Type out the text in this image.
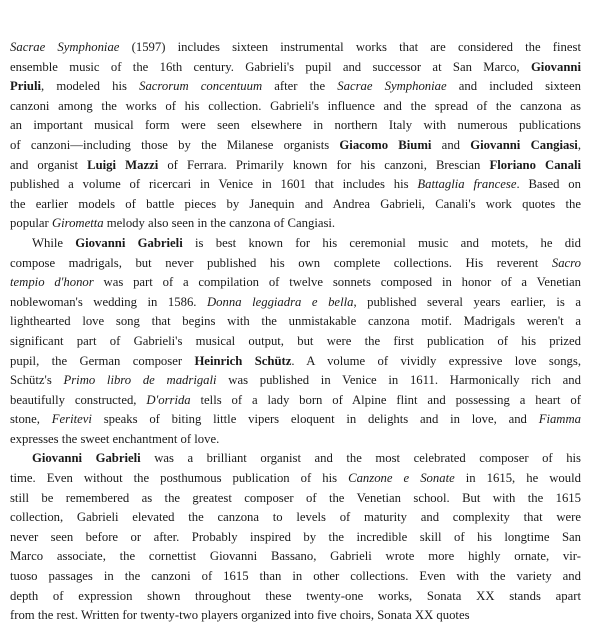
Sacrae Symphoniae (1597) includes sixteen instrumental works that are considered the finest
ensemble music of the 16th century. Gabrieli's pupil and successor at San Marco, Giovanni
Priuli, modeled his Sacrorum concentuum after the Sacrae Symphoniae and included sixteen
canzoni among the works of his collection. Gabrieli's influence and the spread of the canzona as
an important musical form were seen elsewhere in northern Italy with numerous publications
of canzoni—including those by the Milanese organists Giacomo Biumi and Giovanni Cangiasi,
and organist Luigi Mazzi of Ferrara. Primarily known for his canzoni, Brescian Floriano Canali
published a volume of ricercari in Venice in 1601 that includes his Battaglia francese. Based on
the earlier models of battle pieces by Janequin and Andrea Gabrieli, Canali's work quotes the
popular Girometta melody also seen in the canzona of Cangiasi.

While Giovanni Gabrieli is best known for his ceremonial music and motets, he did
compose madrigals, but never published his own complete collections. His reverent Sacro
tempio d'honor was part of a compilation of twelve sonnets composed in honor of a Venetian
noblewoman's wedding in 1586. Donna leggiadra e bella, published several years earlier, is a
lighthearted love song that begins with the unmistakable canzona motif. Madrigals weren't a
significant part of Gabrieli's musical output, but were the first publication of his prized
pupil, the German composer Heinrich Schütz. A volume of vividly expressive love songs,
Schütz's Primo libro de madrigali was published in Venice in 1611. Harmonically rich and
beautifully constructed, D'orrida tells of a lady born of Alpine flint and possessing a heart of
stone, Feritevi speaks of biting little vipers eloquent in delights and in love, and Fiamma
expresses the sweet enchantment of love.

Giovanni Gabrieli was a brilliant organist and the most celebrated composer of his
time. Even without the posthumous publication of his Canzone e Sonate in 1615, he would
still be remembered as the greatest composer of the Venetian school. But with the 1615
collection, Gabrieli elevated the canzona to levels of maturity and complexity that were
never seen before or after. Probably inspired by the incredible skill of his longtime San
Marco associate, the cornettist Giovanni Bassano, Gabrieli wrote more highly ornate, vir-
tuoso passages in the canzoni of 1615 than in other collections. Even with the variety and
depth of expression shown throughout these twenty-one works, Sonata XX stands apart
from the rest. Written for twenty-two players organized into five choirs, Sonata XX quotes
